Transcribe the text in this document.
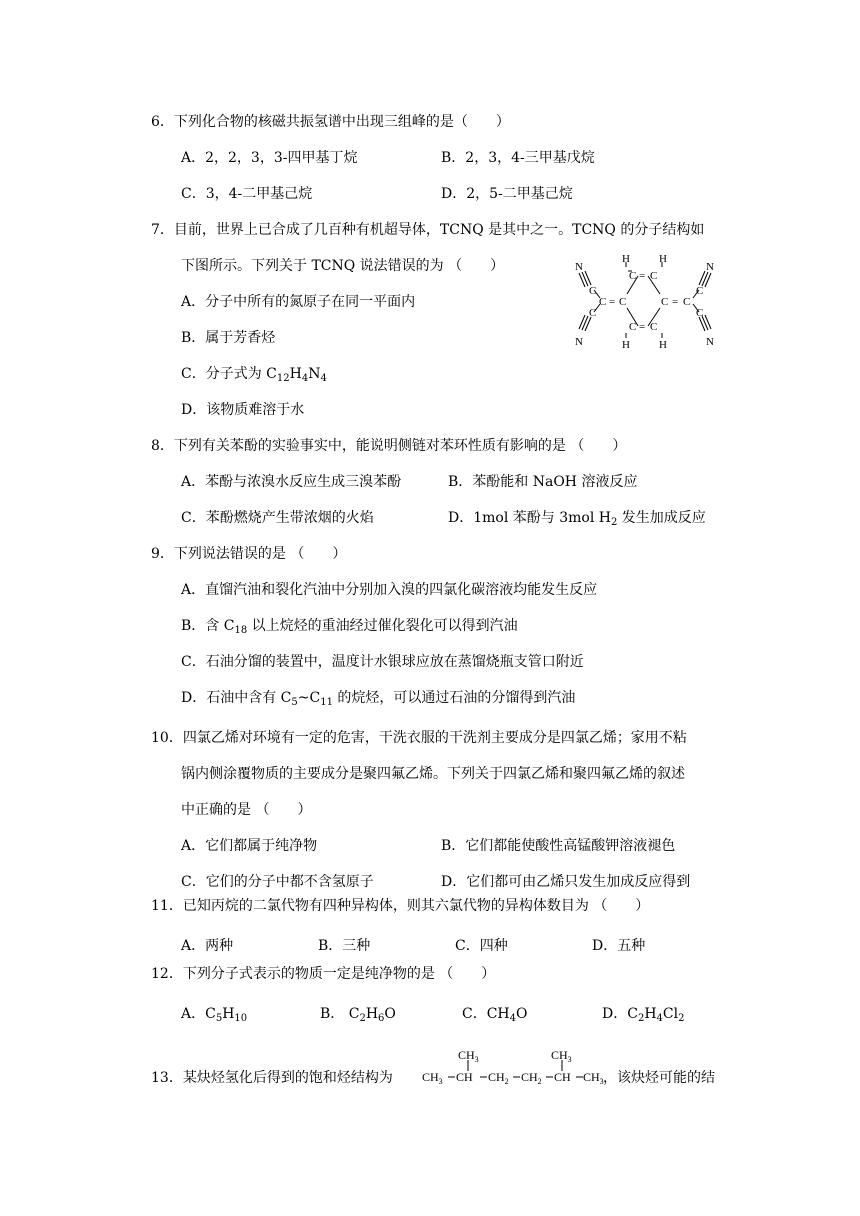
6．下列化合物的核磁共振氢谱中出现三组峰的是（　　）
A．2，2，3，3-四甲基丁烷	B．2，3，4-三甲基戊烷
C．3，4-二甲基己烷	D．2，5-二甲基己烷
7．目前，世界上已合成了几百种有机超导体，TCNQ 是其中之一。TCNQ 的分子结构如
下图所示。下列关于 TCNQ 说法错误的为 （　　）
A．分子中所有的氮原子在同一平面内
B．属于芳香烃
C．分子式为 $C_{12}H_4N_4$
D．该物质难溶于水
N
C
C = C
C
N
H
C = C
H
C = C
H	H
C = C
C
C
N
N
8．下列有关苯酚的实验事实中，能说明侧链对苯环性质有影响的是 （　　）
A．苯酚与浓溴水反应生成三溴苯酚	B．苯酚能和 NaOH 溶液反应
C．苯酚燃烧产生带浓烟的火焰	D．1mol 苯酚与 3mol $H_2$ 发生加成反应
9．下列说法错误的是 （　　）
A．直馏汽油和裂化汽油中分别加入溴的四氯化碳溶液均能发生反应
B．含 $C_{18}$ 以上烷烃的重油经过催化裂化可以得到汽油
C．石油分馏的装置中，温度计水银球应放在蒸馏烧瓶支管口附近
D．石油中含有 $C_5\sim C_{11}$ 的烷烃，可以通过石油的分馏得到汽油
10．四氯乙烯对环境有一定的危害，干洗衣服的干洗剂主要成分是四氯乙烯；家用不粘
锅内侧涂覆物质的主要成分是聚四氟乙烯。下列关于四氯乙烯和聚四氟乙烯的叙述
中正确的是 （　　）
A．它们都属于纯净物	B．它们都能使酸性高锰酸钾溶液褪色
C．它们的分子中都不含氢原子	D．它们都可由乙烯只发生加成反应得到
11．已知丙烷的二氯代物有四种异构体，则其六氯代物的异构体数目为 （　　）
A．两种	B．三种	C．四种	D．五种
12．下列分子式表示的物质一定是纯净物的是 （　　）
A．$C_5H_{10}$	B． $C_2H_6O$	C．$CH_4O$	D．$C_2H_4Cl_2$
13．某炔烃氢化后得到的饱和烃结构为	，该炔烃可能的结
$CH_3$	$CH_3$
$CH_3$ CH $CH_2$ $CH_2$ CH $CH_3$
